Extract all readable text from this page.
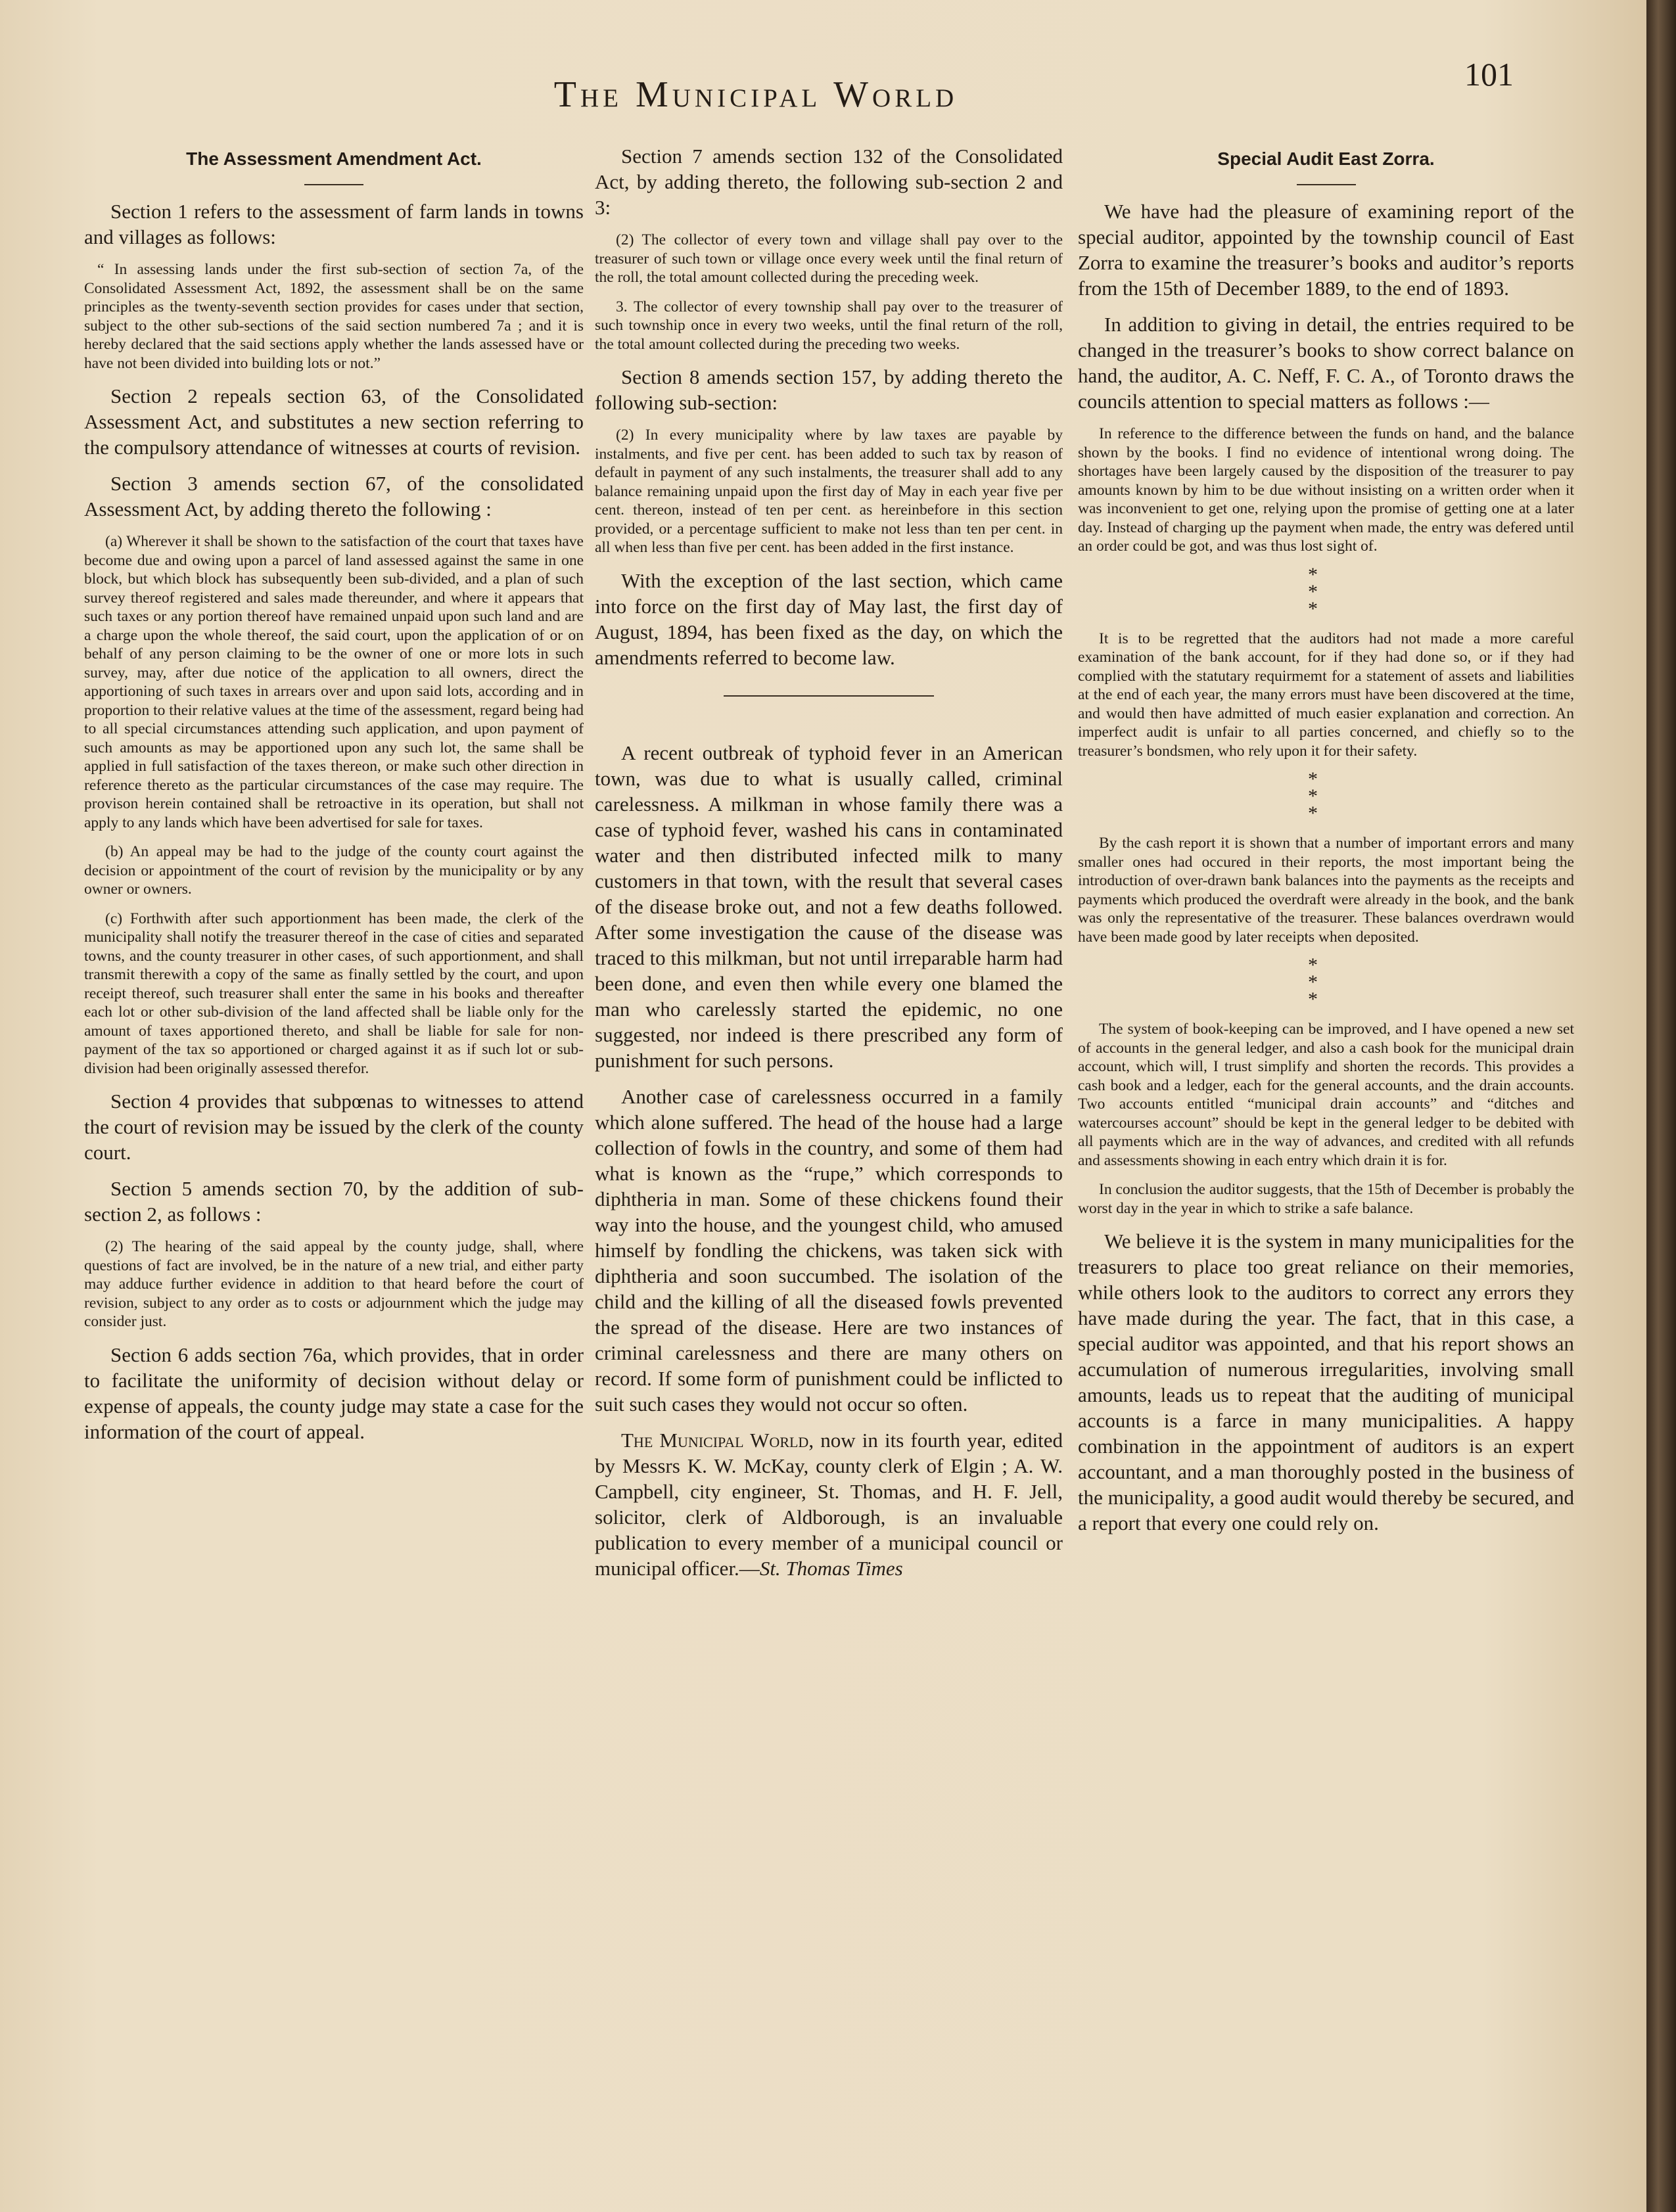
The Municipal World	101
The Assessment Amendment Act.

Section 1 refers to the assessment of farm lands in towns and villages as follows:

“ In assessing lands under the first sub-section of section 7a, of the Consolidated Assessment Act, 1892, the assessment shall be on the same principles as the twenty-seventh section provides for cases under that section, subject to the other sub-sections of the said section numbered 7a ; and it is hereby declared that the said sections apply whether the lands assessed have or have not been divided into building lots or not.”

Section 2 repeals section 63, of the Consolidated Assessment Act, and substitutes a new section referring to the compulsory attendance of witnesses at courts of revision.

Section 3 amends section 67, of the consolidated Assessment Act, by adding thereto the following :

(a) Wherever it shall be shown to the satisfaction of the court that taxes have become due and owing upon a parcel of land assessed against the same in one block, but which block has subsequently been sub-divided, and a plan of such survey thereof registered and sales made thereunder, and where it appears that such taxes or any portion thereof have remained unpaid upon such land and are a charge upon the whole thereof, the said court, upon the application of or on behalf of any person claiming to be the owner of one or more lots in such survey, may, after due notice of the application to all owners, direct the apportioning of such taxes in arrears over and upon said lots, according and in proportion to their relative values at the time of the assessment, regard being had to all special circumstances attending such application, and upon payment of such amounts as may be apportioned upon any such lot, the same shall be applied in full satisfaction of the taxes thereon, or make such other direction in reference thereto as the particular circumstances of the case may require. The provison herein contained shall be retroactive in its operation, but shall not apply to any lands which have been advertised for sale for taxes.

(b) An appeal may be had to the judge of the county court against the decision or appointment of the court of revision by the municipality or by any owner or owners.

(c) Forthwith after such apportionment has been made, the clerk of the municipality shall notify the treasurer thereof in the case of cities and separated towns, and the county treasurer in other cases, of such apportionment, and shall transmit therewith a copy of the same as finally settled by the court, and upon receipt thereof, such treasurer shall enter the same in his books and thereafter each lot or other sub-division of the land affected shall be liable only for the amount of taxes apportioned thereto, and shall be liable for sale for non-payment of the tax so apportioned or charged against it as if such lot or sub-division had been originally assessed therefor.

Section 4 provides that subpœnas to witnesses to attend the court of revision may be issued by the clerk of the county court.

Section 5 amends section 70, by the addition of sub-section 2, as follows :

(2) The hearing of the said appeal by the county judge, shall, where questions of fact are involved, be in the nature of a new trial, and either party may adduce further evidence in addition to that heard before the court of revision, subject to any order as to costs or adjournment which the judge may consider just.

Section 6 adds section 76a, which provides, that in order to facilitate the uniformity of decision without delay or expense of appeals, the county judge may state a case for the information of the court of appeal.

Section 7 amends section 132 of the Consolidated Act, by adding thereto, the following sub-section 2 and 3:

(2) The collector of every town and village shall pay over to the treasurer of such town or village once every week until the final return of the roll, the total amount collected during the preceding week.

3. The collector of every township shall pay over to the treasurer of such township once in every two weeks, until the final return of the roll, the total amount collected during the preceding two weeks.

Section 8 amends section 157, by adding thereto the following sub-section:

(2) In every municipality where by law taxes are payable by instalments, and five per cent. has been added to such tax by reason of default in payment of any such instalments, the treasurer shall add to any balance remaining unpaid upon the first day of May in each year five per cent. thereon, instead of ten per cent. as hereinbefore in this section provided, or a percentage sufficient to make not less than ten per cent. in all when less than five per cent. has been added in the first instance.

With the exception of the last section, which came into force on the first day of May last, the first day of August, 1894, has been fixed as the day, on which the amendments referred to become law.

A recent outbreak of typhoid fever in an American town, was due to what is usually called, criminal carelessness. A milkman in whose family there was a case of typhoid fever, washed his cans in contaminated water and then distributed infected milk to many customers in that town, with the result that several cases of the disease broke out, and not a few deaths followed. After some investigation the cause of the disease was traced to this milkman, but not until irreparable harm had been done, and even then while every one blamed the man who carelessly started the epidemic, no one suggested, nor indeed is there prescribed any form of punishment for such persons.

Another case of carelessness occurred in a family which alone suffered. The head of the house had a large collection of fowls in the country, and some of them had what is known as the “rupe,” which corresponds to diphtheria in man. Some of these chickens found their way into the house, and the youngest child, who amused himself by fondling the chickens, was taken sick with diphtheria and soon succumbed. The isolation of the child and the killing of all the diseased fowls prevented the spread of the disease. Here are two instances of criminal carelessness and there are many others on record. If some form of punishment could be inflicted to suit such cases they would not occur so often.

The Municipal World, now in its fourth year, edited by Messrs K. W. McKay, county clerk of Elgin ; A. W. Campbell, city engineer, St. Thomas, and H. F. Jell, solicitor, clerk of Aldborough, is an invaluable publication to every member of a municipal council or municipal officer.—St. Thomas Times

Special Audit East Zorra.

We have had the pleasure of examining report of the special auditor, appointed by the township council of East Zorra to examine the treasurer’s books and auditor’s reports from the 15th of December 1889, to the end of 1893.

In addition to giving in detail, the entries required to be changed in the treasurer’s books to show correct balance on hand, the auditor, A. C. Neff, F. C. A., of Toronto draws the councils attention to special matters as follows :—

In reference to the difference between the funds on hand, and the balance shown by the books. I find no evidence of intentional wrong doing. The shortages have been largely caused by the disposition of the treasurer to pay amounts known by him to be due without insisting on a written order when it was inconvenient to get one, relying upon the promise of getting one at a later day. Instead of charging up the payment when made, the entry was defered until an order could be got, and was thus lost sight of.

*
*
*

It is to be regretted that the auditors had not made a more careful examination of the bank account, for if they had done so, or if they had complied with the statutary requirmemt for a statement of assets and liabilities at the end of each year, the many errors must have been discovered at the time, and would then have admitted of much easier explanation and correction. An imperfect audit is unfair to all parties concerned, and chiefly so to the treasurer’s bondsmen, who rely upon it for their safety.

*
*
*

By the cash report it is shown that a number of important errors and many smaller ones had occured in their reports, the most important being the introduction of over-drawn bank balances into the payments as the receipts and payments which produced the overdraft were already in the book, and the bank was only the representative of the treasurer. These balances overdrawn would have been made good by later receipts when deposited.

*
*
*

The system of book-keeping can be improved, and I have opened a new set of accounts in the general ledger, and also a cash book for the municipal drain account, which will, I trust simplify and shorten the records. This provides a cash book and a ledger, each for the general accounts, and the drain accounts. Two accounts entitled “municipal drain accounts” and “ditches and watercourses account” should be kept in the general ledger to be debited with all payments which are in the way of advances, and credited with all refunds and assessments showing in each entry which drain it is for.

In conclusion the auditor suggests, that the 15th of December is probably the worst day in the year in which to strike a safe balance.

We believe it is the system in many municipalities for the treasurers to place too great reliance on their memories, while others look to the auditors to correct any errors they have made during the year. The fact, that in this case, a special auditor was appointed, and that his report shows an accumulation of numerous irregularities, involving small amounts, leads us to repeat that the auditing of municipal accounts is a farce in many municipalities. A happy combination in the appointment of auditors is an expert accountant, and a man thoroughly posted in the business of the municipality, a good audit would thereby be secured, and a report that every one could rely on.
